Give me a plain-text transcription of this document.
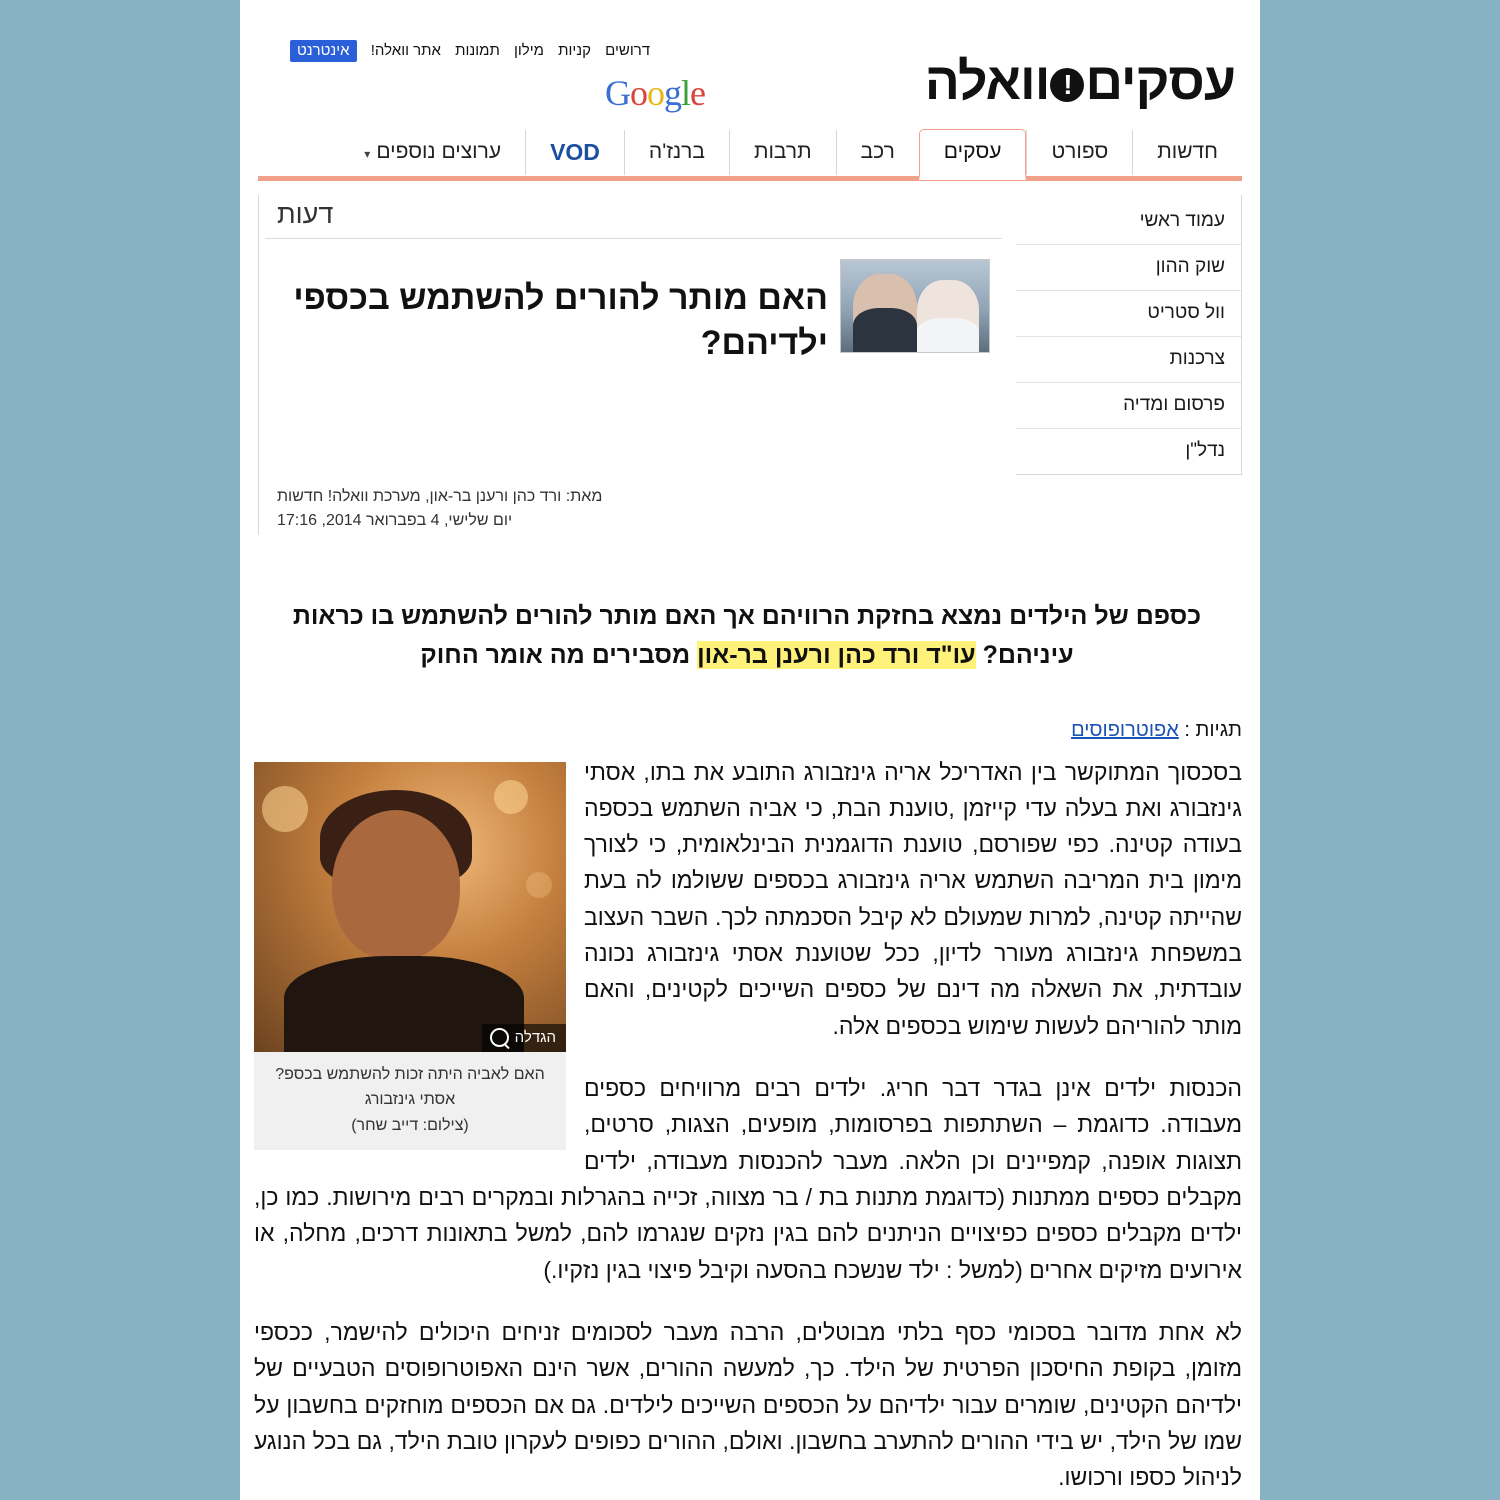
דרושים קניות מילון תמונות אתר וואלה! אינטרנט
עסקים!וואלה
Google
חדשותספורטעסקיםרכבתרבותברנז'הVODערוצים נוספים▾
עמוד ראשי
שוק ההון
וול סטריט
צרכנות
פרסום ומדיה
נדל"ן
דעות
האם מותר להורים להשתמש בכספי ילדיהם?
מאת: ורד כהן ורענן בר-און, מערכת וואלה! חדשות
יום שלישי, 4 בפברואר 2014, 17:16
כספם של הילדים נמצא בחזקת הרוויהם אך האם מותר להורים להשתמש בו כראות עיניהם? עו"ד ורד כהן ורענן בר-און מסבירים מה אומר החוק
תגיות : אפוטרופוסים
הגדלה
האם לאביה היתה זכות להשתמש בכספ? אסתי גינזבורג
(צילום: דייב שחר)

בסכסוך המתוקשר בין האדריכל אריה גינזבורג התובע את בתו, אסתי גינזבורג ואת בעלה עדי קייזמן ,טוענת הבת, כי אביה השתמש בכספה בעודה קטינה. כפי שפורסם, טוענת הדוגמנית הבינלאומית, כי לצורך מימון בית המריבה השתמש אריה גינזבורג בכספים ששולמו לה בעת שהייתה קטינה, למרות שמעולם לא קיבל הסכמתה לכך. השבר העצוב במשפחת גינזבורג מעורר לדיון, ככל שטוענת אסתי גינזבורג נכונה עובדתית, את השאלה מה דינם של כספים השייכים לקטינים, והאם מותר להוריהם לעשות שימוש בכספים אלה.

הכנסות ילדים אינן בגדר דבר חריג. ילדים רבים מרוויחים כספים מעבודה. כדוגמת – השתתפות בפרסומות, מופעים, הצגות, סרטים, תצוגות אופנה, קמפיינים וכן הלאה. מעבר להכנסות מעבודה, ילדים מקבלים כספים ממתנות (כדוגמת מתנות בת / בר מצווה, זכייה בהגרלות ובמקרים רבים מירושות. כמו כן, ילדים מקבלים כספים כפיצויים הניתנים להם בגין נזקים שנגרמו להם, למשל בתאונות דרכים, מחלה, או אירועים מזיקים אחרים (למשל : ילד שנשכח בהסעה וקיבל פיצוי בגין נזקיו.)

לא אחת מדובר בסכומי כסף בלתי מבוטלים, הרבה מעבר לסכומים זניחים היכולים להישמר, ככספי מזומן, בקופת החיסכון הפרטית של הילד. כך, למעשה ההורים, אשר הינם האפוטרופוסים הטבעיים של ילדיהם הקטינים, שומרים עבור ילדיהם על הכספים השייכים לילדים. גם אם הכספים מוחזקים בחשבון על שמו של הילד, יש בידי ההורים להתערב בחשבון. ואולם, ההורים כפופים לעקרון טובת הילד, גם בכל הנוגע לניהול כספו ורכושו.
